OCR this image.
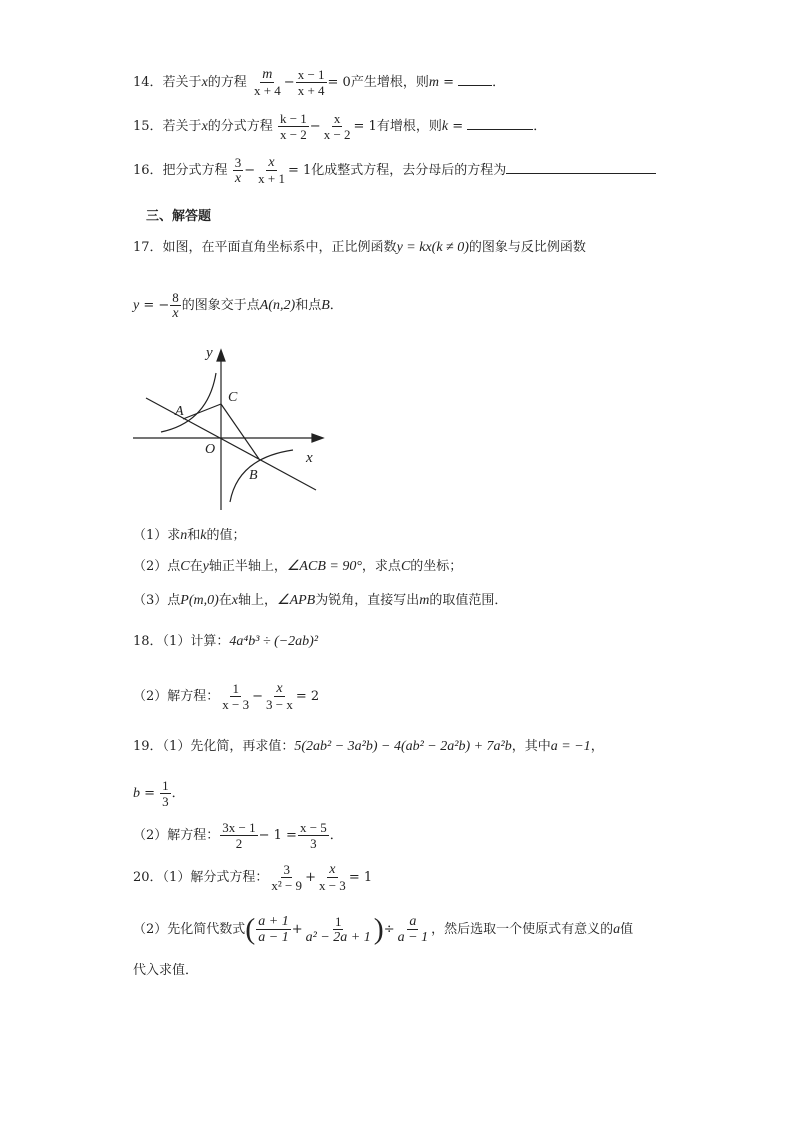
14．若关于x的方程 $\frac{m}{x + 4} - \frac{x - 1}{x + 4} = 0$产生增根，则m =	．
15．若关于x的分式方程 $\frac{k - 1}{x - 2} - \frac{x}{x - 2} = 1$有增根，则k =	．
16．把分式方程 $\frac{3}{x} - \frac{x}{x + 1} = 1$化成整式方程，去分母后的方程为
三、解答题
17．如图，在平面直角坐标系中，正比例函数y = kx(k ≠ 0)的图象与反比例函数
y = − $\frac{8}{x}$ 的图象交于点A(n,2)和点B．
y
x
O
A
C
B
（1）求n和k的值；
（2）点C在y轴正半轴上，∠ACB = 90°，求点C的坐标；
（3）点P(m,0)在x轴上，∠APB为锐角，直接写出m的取值范围．
18．（1）计算：4a⁴b³ ÷ (−2ab)²
（2）解方程： $\frac{1}{x - 3} - \frac{x}{3 - x} = 2$
19．（1）先化简，再求值：5(2ab² − 3a²b) − 4(ab² − 2a²b) + 7a²b，其中a = −1，
$b = \frac{1}{3}$ ．
（2）解方程： $\frac{3x - 1}{2} - 1 = \frac{x - 5}{3}$ ．
20．（1）解分式方程： $\frac{3}{\text{x² − 9}} + \frac{x}{x - 3} = 1$
（2）先化简代数式( $\frac{a + 1}{a - 1} + \frac{1}{\text{a² − 2a + 1}}$ )÷ $\frac{a}{a - 1}$ ，然后选取一个使原式有意义的a值
代入求值．
